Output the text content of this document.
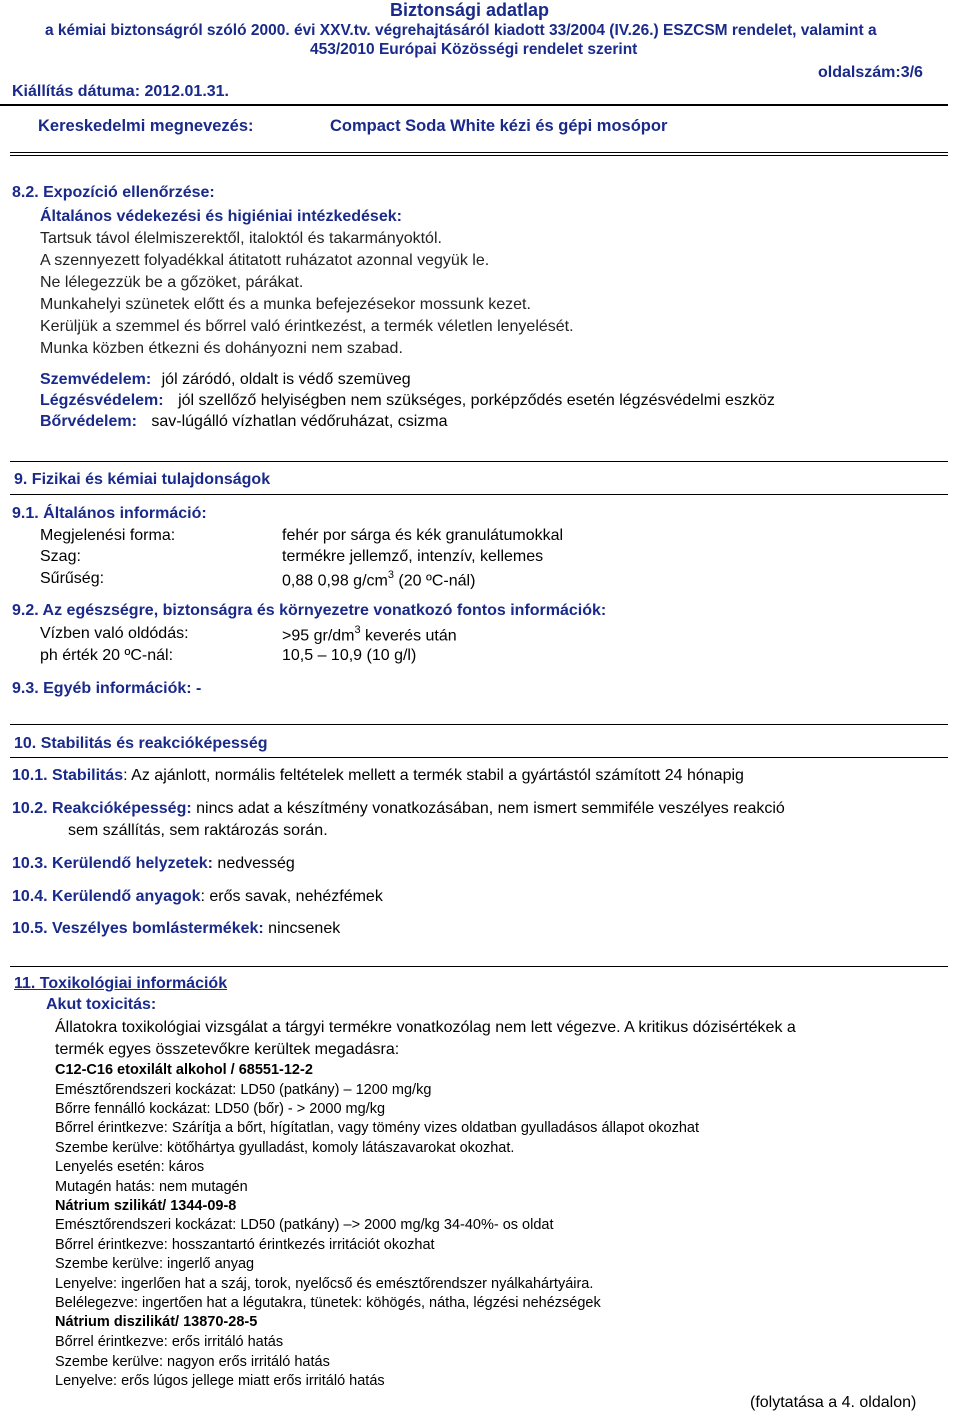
Biztonsági adatlap
a kémiai biztonságról szóló 2000. évi XXV.tv. végrehajtásáról kiadott 33/2004 (IV.26.) ESZCSM rendelet, valamint a
453/2010 Európai Közösségi rendelet szerint
oldalszám:3/6
Kiállítás dátuma: 2012.01.31.
Kereskedelmi megnevezés:	Compact Soda White kézi és gépi mosópor
8.2. Expozíció ellenőrzése:
Általános védekezési és higiéniai intézkedések:
Tartsuk távol élelmiszerektől, italoktól és takarmányoktól.
A szennyezett folyadékkal átitatott ruházatot azonnal vegyük le.
Ne lélegezzük be a gőzöket, párákat.
Munkahelyi szünetek előtt és a munka befejezésekor mossunk kezet.
Kerüljük a szemmel és bőrrel való érintkezést, a termék véletlen lenyelését.
Munka közben étkezni és dohányozni nem szabad.
Szemvédelem: jól záródó, oldalt is védő szemüveg
Légzésvédelem: jól szellőző helyiségben nem szükséges, porképződés esetén légzésvédelmi eszköz
Bőrvédelem: sav-lúgálló vízhatlan védőruházat, csizma
9. Fizikai és kémiai tulajdonságok
9.1. Általános információ:
Megjelenési forma:	fehér por sárga és kék granulátumokkal
Szag:	termékre jellemző, intenzív, kellemes
Sűrűség:	0,88 0,98 $g/cm^3$ (20 ºC-nál)
9.2. Az egészségre, biztonságra és környezetre vonatkozó fontos információk:
Vízben való oldódás:	>95 $gr/dm^3$ keverés után
ph érték 20 ºC-nál:	10,5 – 10,9 (10 g/l)
9.3. Egyéb információk: -
10. Stabilitás és reakcióképesség
10.1. Stabilitás: Az ajánlott, normális feltételek mellett a termék stabil a gyártástól számított 24 hónapig
10.2. Reakcióképesség: nincs adat a készítmény vonatkozásában, nem ismert semmiféle veszélyes reakció
sem szállítás, sem raktározás során.
10.3. Kerülendő helyzetek: nedvesség
10.4. Kerülendő anyagok: erős savak, nehézfémek
10.5. Veszélyes bomlástermékek: nincsenek
11. Toxikológiai információk
Akut toxicitás:
Állatokra toxikológiai vizsgálat a tárgyi termékre vonatkozólag nem lett végezve. A kritikus dózisértékek a
termék egyes összetevőkre kerültek megadásra:
C12-C16 etoxilált alkohol / 68551-12-2
Emésztőrendszeri kockázat: LD50 (patkány) – 1200 mg/kg
Bőrre fennálló kockázat: LD50 (bőr) - > 2000 mg/kg
Bőrrel érintkezve: Szárítja a bőrt, hígítatlan, vagy tömény vizes oldatban gyulladásos állapot okozhat
Szembe kerülve: kötőhártya gyulladást, komoly látászavarokat okozhat.
Lenyelés esetén: káros
Mutagén hatás: nem mutagén
Nátrium szilikát/ 1344-09-8
Emésztőrendszeri kockázat: LD50 (patkány) –> 2000 mg/kg 34-40%- os oldat
Bőrrel érintkezve: hosszantartó érintkezés irritációt okozhat
Szembe kerülve: ingerlő anyag
Lenyelve: ingerlően hat a száj, torok, nyelőcső és emésztőrendszer nyálkahártyáira.
Belélegezve: ingertően hat a légutakra, tünetek: köhögés, nátha, légzési nehézségek
Nátrium diszilikát/ 13870-28-5
Bőrrel érintkezve: erős irritáló hatás
Szembe kerülve: nagyon erős irritáló hatás
Lenyelve: erős lúgos jellege miatt erős irritáló hatás
(folytatása a 4. oldalon)
